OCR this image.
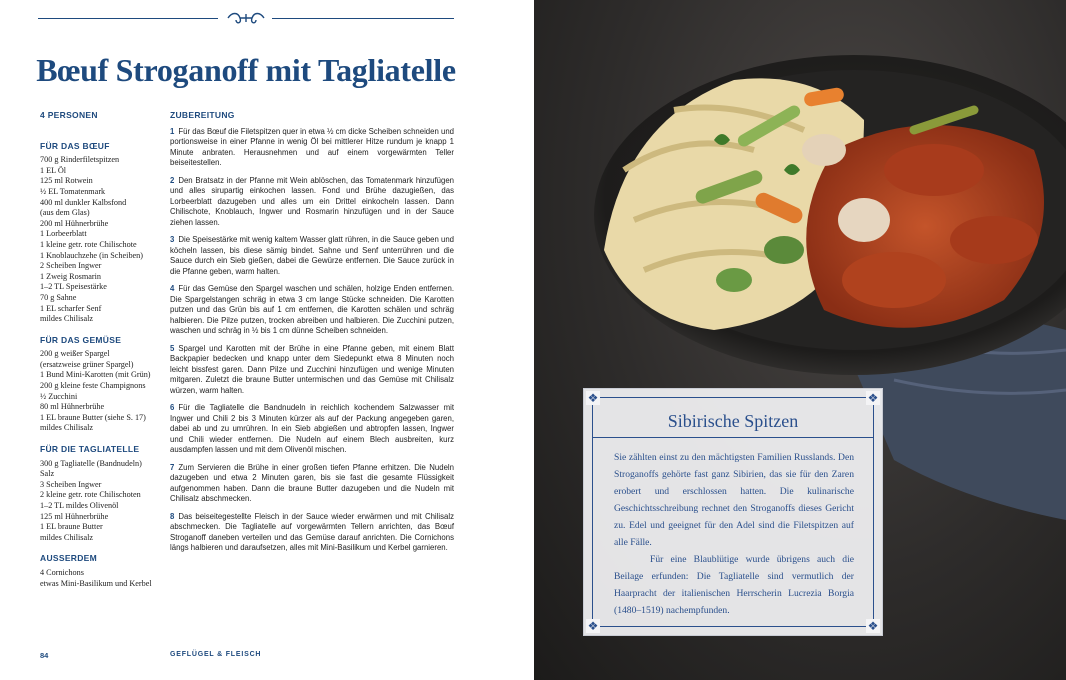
Bœuf Stroganoff mit Tagliatelle
4 PERSONEN
FÜR DAS BŒUF
700 g Rinderfiletspitzen
1 EL Öl
125 ml Rotwein
½ EL Tomatenmark
400 ml dunkler Kalbsfond
(aus dem Glas)
200 ml Hühnerbrühe
1 Lorbeerblatt
1 kleine getr. rote Chilischote
1 Knoblauchzehe (in Scheiben)
2 Scheiben Ingwer
1 Zweig Rosmarin
1–2 TL Speisestärke
70 g Sahne
1 EL scharfer Senf
mildes Chilisalz
FÜR DAS GEMÜSE
200 g weißer Spargel
(ersatzweise grüner Spargel)
1 Bund Mini-Karotten (mit Grün)
200 g kleine feste Champignons
½ Zucchini
80 ml Hühnerbrühe
1 EL braune Butter (siehe S. 17)
mildes Chilisalz
FÜR DIE TAGLIATELLE
300 g Tagliatelle (Bandnudeln)
Salz
3 Scheiben Ingwer
2 kleine getr. rote Chilischoten
1–2 TL mildes Olivenöl
125 ml Hühnerbrühe
1 EL braune Butter
mildes Chilisalz
AUSSERDEM
4 Cornichons
etwas Mini-Basilikum und Kerbel
ZUBEREITUNG

1 Für das Bœuf die Filetspitzen quer in etwa ½ cm dicke Scheiben schneiden und portionsweise in einer Pfanne in wenig Öl bei mittlerer Hitze rundum je knapp 1 Minute anbraten. Herausnehmen und auf einem vorgewärmten Teller beiseitestellen.

2 Den Bratsatz in der Pfanne mit Wein ablöschen, das Tomatenmark hinzufügen und alles sirupartig einkochen lassen. Fond und Brühe dazugießen, das Lorbeerblatt dazugeben und alles um ein Drittel einkocheln lassen. Dann Chilischote, Knoblauch, Ingwer und Rosmarin hinzufügen und in der Sauce ziehen lassen.

3 Die Speisestärke mit wenig kaltem Wasser glatt rühren, in die Sauce geben und köcheln lassen, bis diese sämig bindet. Sahne und Senf unterrühren und die Sauce durch ein Sieb gießen, dabei die Gewürze entfernen. Die Sauce zurück in die Pfanne geben, warm halten.

4 Für das Gemüse den Spargel waschen und schälen, holzige Enden entfernen. Die Spargelstangen schräg in etwa 3 cm lange Stücke schneiden. Die Karotten putzen und das Grün bis auf 1 cm entfernen, die Karotten schälen und schräg halbieren. Die Pilze putzen, trocken abreiben und halbieren. Die Zucchini putzen, waschen und schräg in ½ bis 1 cm dünne Scheiben schneiden.

5 Spargel und Karotten mit der Brühe in eine Pfanne geben, mit einem Blatt Backpapier bedecken und knapp unter dem Siedepunkt etwa 8 Minuten noch leicht bissfest garen. Dann Pilze und Zucchini hinzufügen und wenige Minuten mitgaren. Zuletzt die braune Butter untermischen und das Gemüse mit Chilisalz würzen, warm halten.

6 Für die Tagliatelle die Bandnudeln in reichlich kochendem Salzwasser mit Ingwer und Chili 2 bis 3 Minuten kürzer als auf der Packung angegeben garen, dabei ab und zu umrühren. In ein Sieb abgießen und abtropfen lassen, Ingwer und Chili wieder entfernen. Die Nudeln auf einem Blech ausbreiten, kurz ausdampfen lassen und mit dem Olivenöl mischen.

7 Zum Servieren die Brühe in einer großen tiefen Pfanne erhitzen. Die Nudeln dazugeben und etwa 2 Minuten garen, bis sie fast die gesamte Flüssigkeit aufgenommen haben. Dann die braune Butter dazugeben und die Nudeln mit Chilisalz abschmecken.

8 Das beiseitegestellte Fleisch in der Sauce wieder erwärmen und mit Chilisalz abschmecken. Die Tagliatelle auf vorgewärmten Tellern anrichten, das Bœuf Stroganoff daneben verteilen und das Gemüse darauf anrichten. Die Cornichons längs halbieren und daraufsetzen, alles mit Mini-Basilikum und Kerbel garnieren.

84	GEFLÜGEL & FLEISCH
❖	❖
❖	❖
Sibirische Spitzen

Sie zählten einst zu den mächtigsten Familien Russlands. Den Stroganoffs gehörte fast ganz Sibirien, das sie für den Zaren erobert und erschlossen hatten. Die kulinarische Geschichtsschreibung rechnet den Stroganoffs dieses Gericht zu. Edel und geeignet für den Adel sind die Filetspitzen auf alle Fälle.

Für eine Blaublütige wurde übrigens auch die Beilage erfunden: Die Tagliatelle sind vermutlich der Haarpracht der italienischen Herrscherin Lucrezia Borgia (1480–1519) nachempfunden.
